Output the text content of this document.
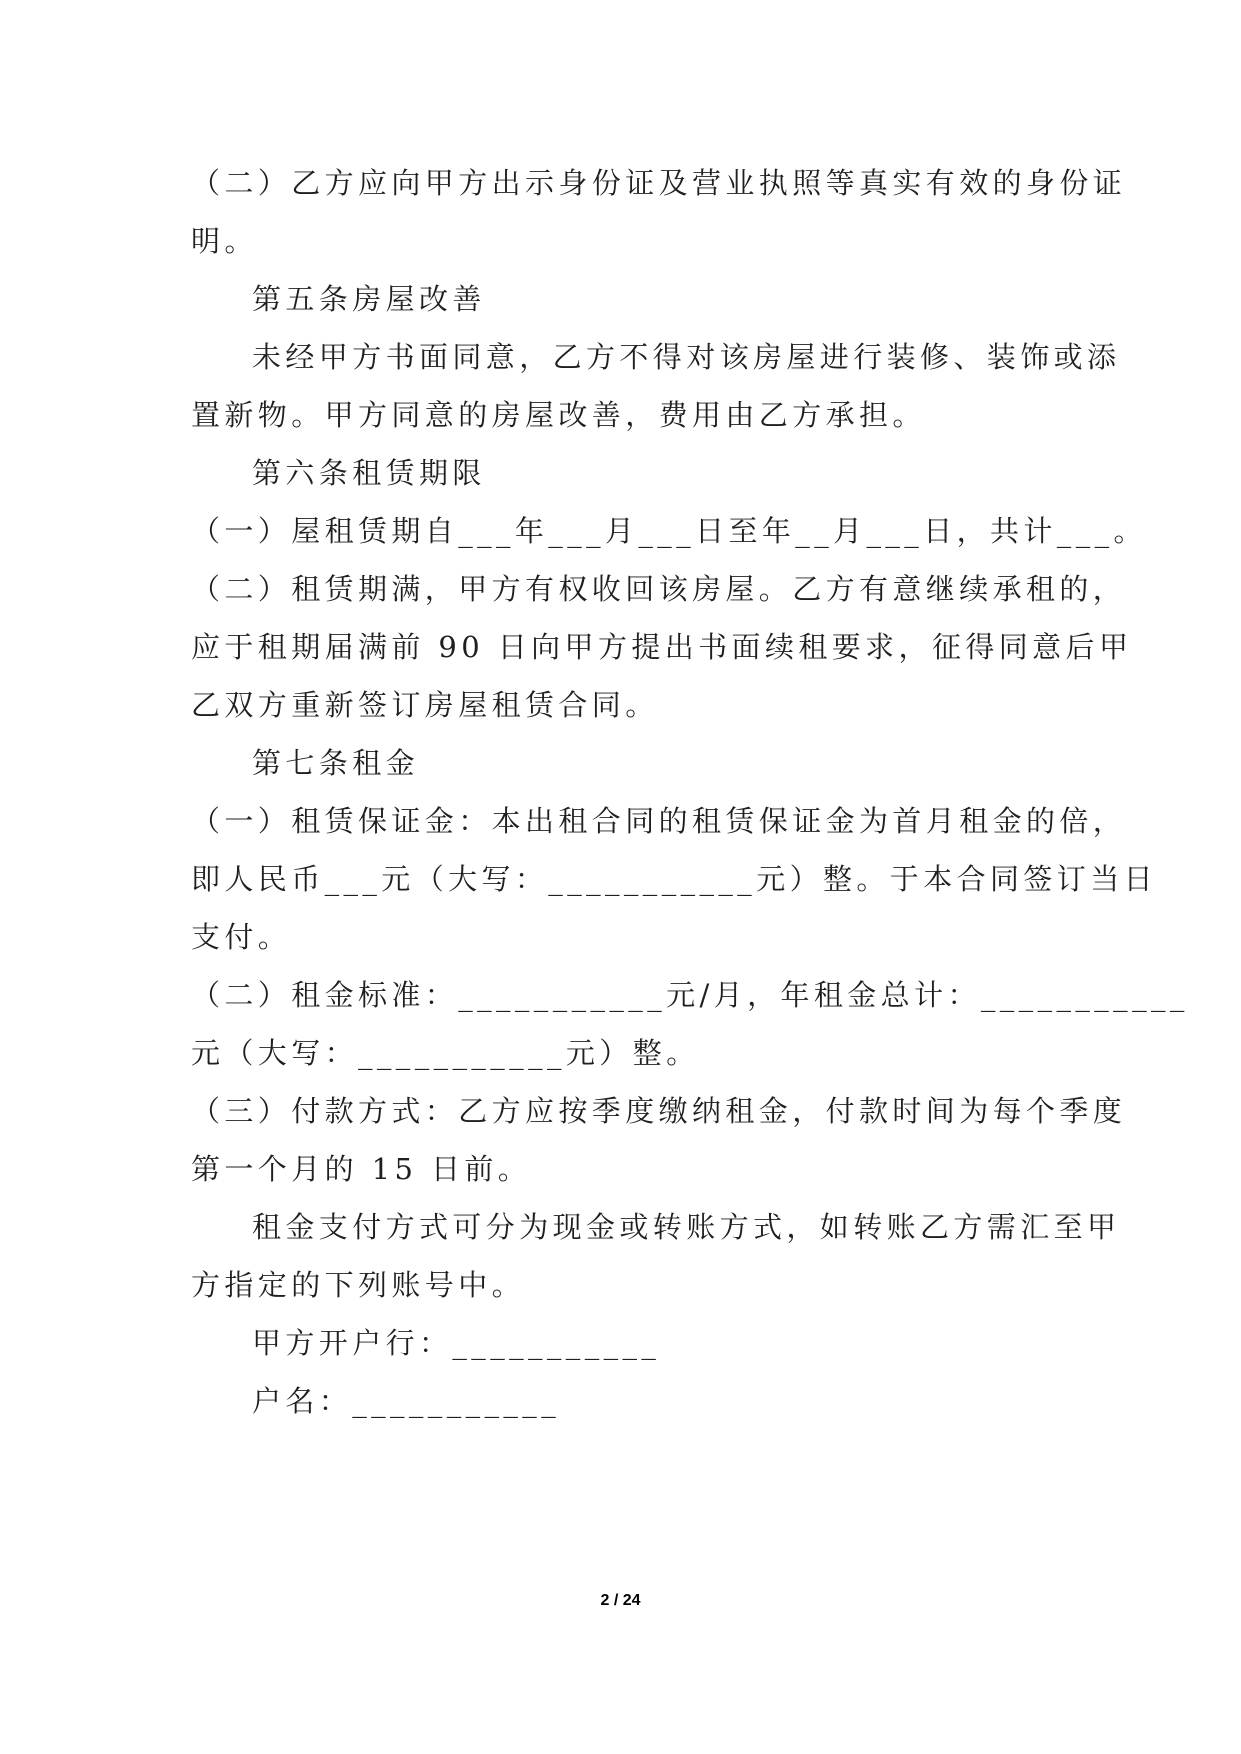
（二）乙方应向甲方出示身份证及营业执照等真实有效的身份证
明。
第五条房屋改善
未经甲方书面同意，乙方不得对该房屋进行装修、装饰或添
置新物。甲方同意的房屋改善，费用由乙方承担。
第六条租赁期限
（一）屋租赁期自___年___月___日至年__月___日，共计___。
（二）租赁期满，甲方有权收回该房屋。乙方有意继续承租的，
应于租期届满前 90 日向甲方提出书面续租要求，征得同意后甲
乙双方重新签订房屋租赁合同。
第七条租金
（一）租赁保证金：本出租合同的租赁保证金为首月租金的倍，
即人民币___元（大写：___________元）整。于本合同签订当日
支付。
（二）租金标准：___________元/月，年租金总计：___________
元（大写：___________元）整。
（三）付款方式：乙方应按季度缴纳租金，付款时间为每个季度
第一个月的 15 日前。
租金支付方式可分为现金或转账方式，如转账乙方需汇至甲
方指定的下列账号中。
甲方开户行：___________
户名：___________
2 / 24
